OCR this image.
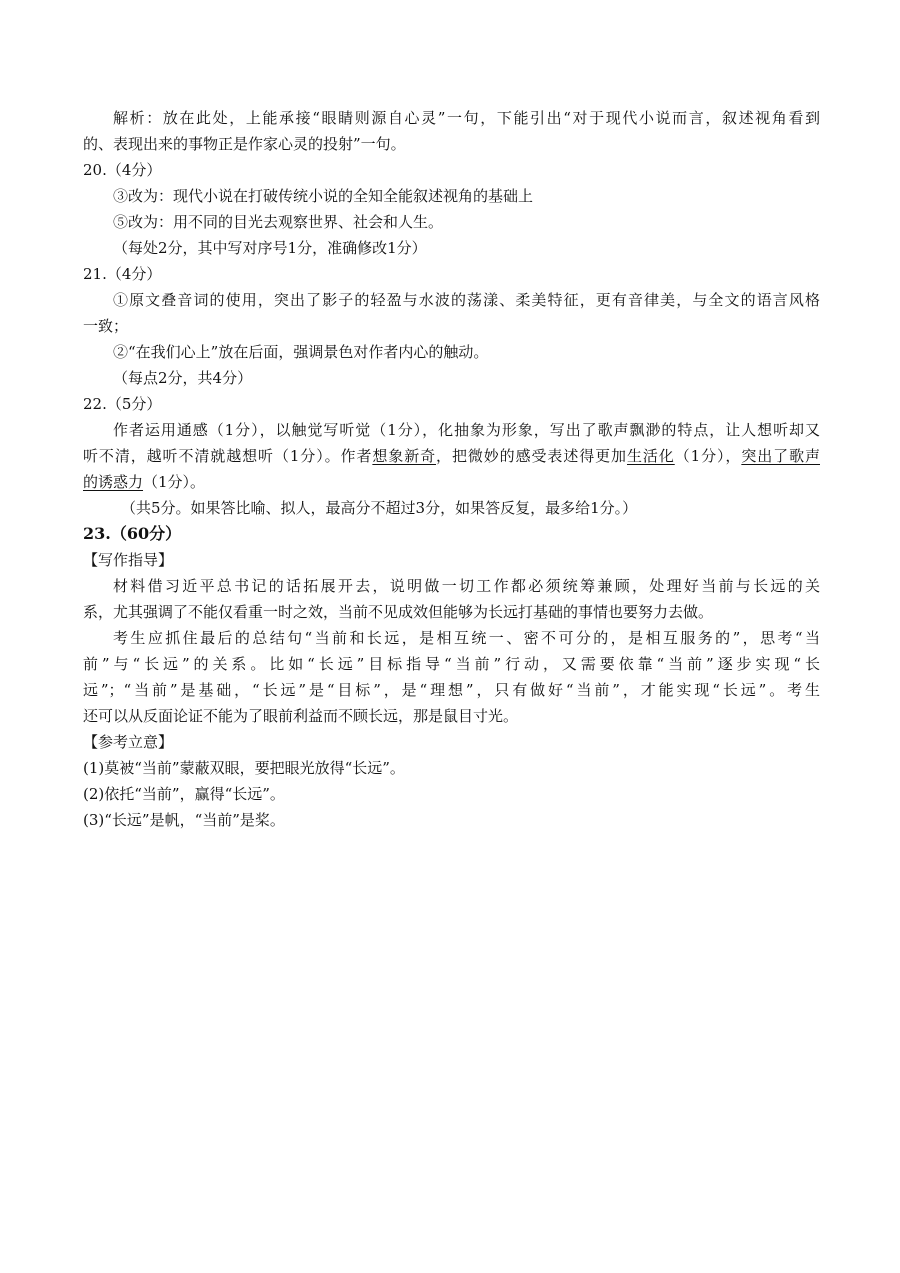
解析：放在此处，上能承接“眼睛则源自心灵”一句，下能引出“对于现代小说而言，叙述视角看到
的、表现出来的事物正是作家心灵的投射”一句。
20.（4分）
③改为：现代小说在打破传统小说的全知全能叙述视角的基础上
⑤改为：用不同的目光去观察世界、社会和人生。
（每处2分，其中写对序号1分，准确修改1分）
21.（4分）
①原文叠音词的使用，突出了影子的轻盈与水波的荡漾、柔美特征，更有音律美，与全文的语言风格
一致；
②“在我们心上”放在后面，强调景色对作者内心的触动。
（每点2分，共4分）
22.（5分）
作者运用通感（1分），以触觉写听觉（1分），化抽象为形象，写出了歌声飘渺的特点，让人想听却又
听不清，越听不清就越想听（1分）。作者想象新奇，把微妙的感受表述得更加生活化（1分），突出了歌声
的诱惑力（1分）。
（共5分。如果答比喻、拟人，最高分不超过3分，如果答反复，最多给1分。）
23.（60分）
【写作指导】
材料借习近平总书记的话拓展开去，说明做一切工作都必须统筹兼顾，处理好当前与长远的关
系，尤其强调了不能仅看重一时之效，当前不见成效但能够为长远打基础的事情也要努力去做。
考生应抓住最后的总结句“当前和长远，是相互统一、密不可分的，是相互服务的”，思考“当
前”与“长远”的关系。比如“长远”目标指导“当前”行动，又需要依靠“当前”逐步实现“长
远”；“当前”是基础，“长远”是“目标”，是“理想”，只有做好“当前”，才能实现“长远”。考生
还可以从反面论证不能为了眼前利益而不顾长远，那是鼠目寸光。
【参考立意】
(1)莫被“当前”蒙蔽双眼，要把眼光放得“长远”。
(2)依托“当前”，赢得“长远”。
(3)“长远”是帆，“当前”是桨。
